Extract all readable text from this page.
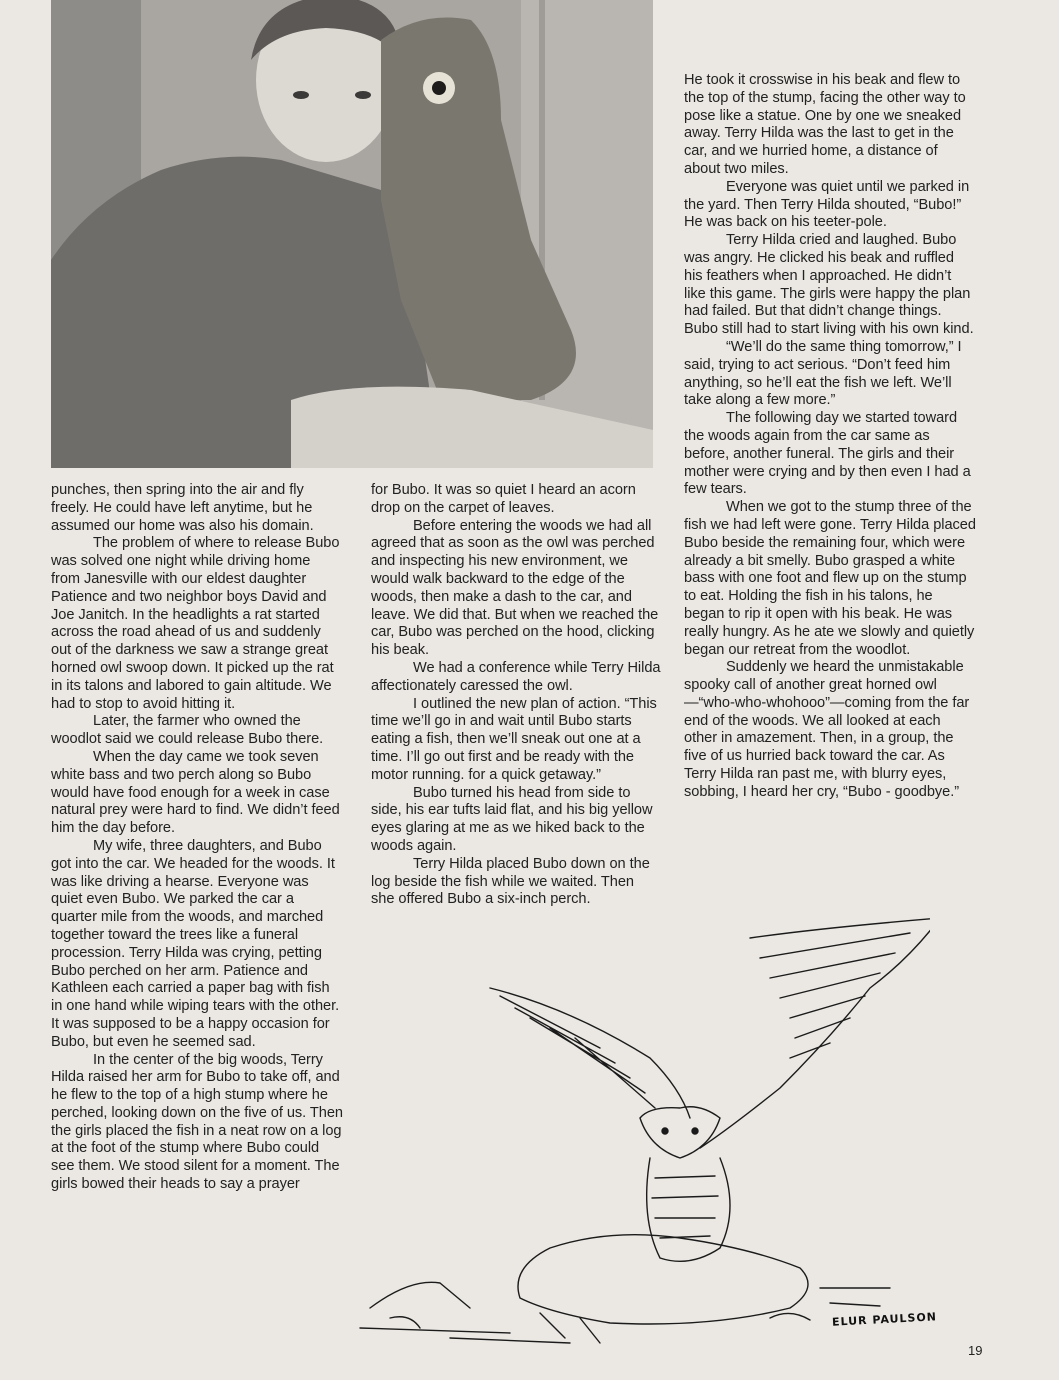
punches, then spring into the air and fly freely. He could have left anytime, but he assumed our home was also his domain.

The problem of where to release Bubo was solved one night while driving home from Janesville with our eldest daughter Patience and two neighbor boys David and Joe Janitch. In the headlights a rat started across the road ahead of us and suddenly out of the darkness we saw a strange great horned owl swoop down. It picked up the rat in its talons and labored to gain altitude. We had to stop to avoid hitting it.

Later, the farmer who owned the woodlot said we could release Bubo there.

When the day came we took seven white bass and two perch along so Bubo would have food enough for a week in case natural prey were hard to find. We didn’t feed him the day before.

My wife, three daughters, and Bubo got into the car. We headed for the woods. It was like driving a hearse. Everyone was quiet even Bubo. We parked the car a quarter mile from the woods, and marched together toward the trees like a funeral procession. Terry Hilda was crying, petting Bubo perched on her arm. Patience and Kathleen each carried a paper bag with fish in one hand while wiping tears with the other. It was supposed to be a happy occasion for Bubo, but even he seemed sad.

In the center of the big woods, Terry Hilda raised her arm for Bubo to take off, and he flew to the top of a high stump where he perched, looking down on the five of us. Then the girls placed the fish in a neat row on a log at the foot of the stump where Bubo could see them. We stood silent for a moment. The girls bowed their heads to say a prayer

for Bubo. It was so quiet I heard an acorn drop on the carpet of leaves.

Before entering the woods we had all agreed that as soon as the owl was perched and inspecting his new environment, we would walk backward to the edge of the woods, then make a dash to the car, and leave. We did that. But when we reached the car, Bubo was perched on the hood, clicking his beak.

We had a conference while Terry Hilda affectionately caressed the owl.

I outlined the new plan of action. “This time we’ll go in and wait until Bubo starts eating a fish, then we’ll sneak out one at a time. I’ll go out first and be ready with the motor running. for a quick getaway.”

Bubo turned his head from side to side, his ear tufts laid flat, and his big yellow eyes glaring at me as we hiked back to the woods again.

Terry Hilda placed Bubo down on the log beside the fish while we waited. Then she offered Bubo a six-inch perch.

He took it crosswise in his beak and flew to the top of the stump, facing the other way to pose like a statue. One by one we sneaked away. Terry Hilda was the last to get in the car, and we hurried home, a distance of about two miles.

Everyone was quiet until we parked in the yard. Then Terry Hilda shouted, “Bubo!” He was back on his teeter-pole.

Terry Hilda cried and laughed. Bubo was angry. He clicked his beak and ruffled his feathers when I approached. He didn’t like this game. The girls were happy the plan had failed. But that didn’t change things. Bubo still had to start living with his own kind.

“We’ll do the same thing tomorrow,” I said, trying to act serious. “Don’t feed him anything, so he’ll eat the fish we left. We’ll take along a few more.”

The following day we started toward the woods again from the car same as before, another funeral. The girls and their mother were crying and by then even I had a few tears.

When we got to the stump three of the fish we had left were gone. Terry Hilda placed Bubo beside the remaining four, which were already a bit smelly. Bubo grasped a white bass with one foot and flew up on the stump to eat. Holding the fish in his talons, he began to rip it open with his beak. He was really hungry. As he ate we slowly and quietly began our retreat from the woodlot.

Suddenly we heard the unmistakable spooky call of another great horned owl—“who-who-whohooo”—coming from the far end of the woods. We all looked at each other in amazement. Then, in a group, the five of us hurried back toward the car. As Terry Hilda ran past me, with blurry eyes, sobbing, I heard her cry, “Bubo - goodbye.”

ELUR PAULSON
19
